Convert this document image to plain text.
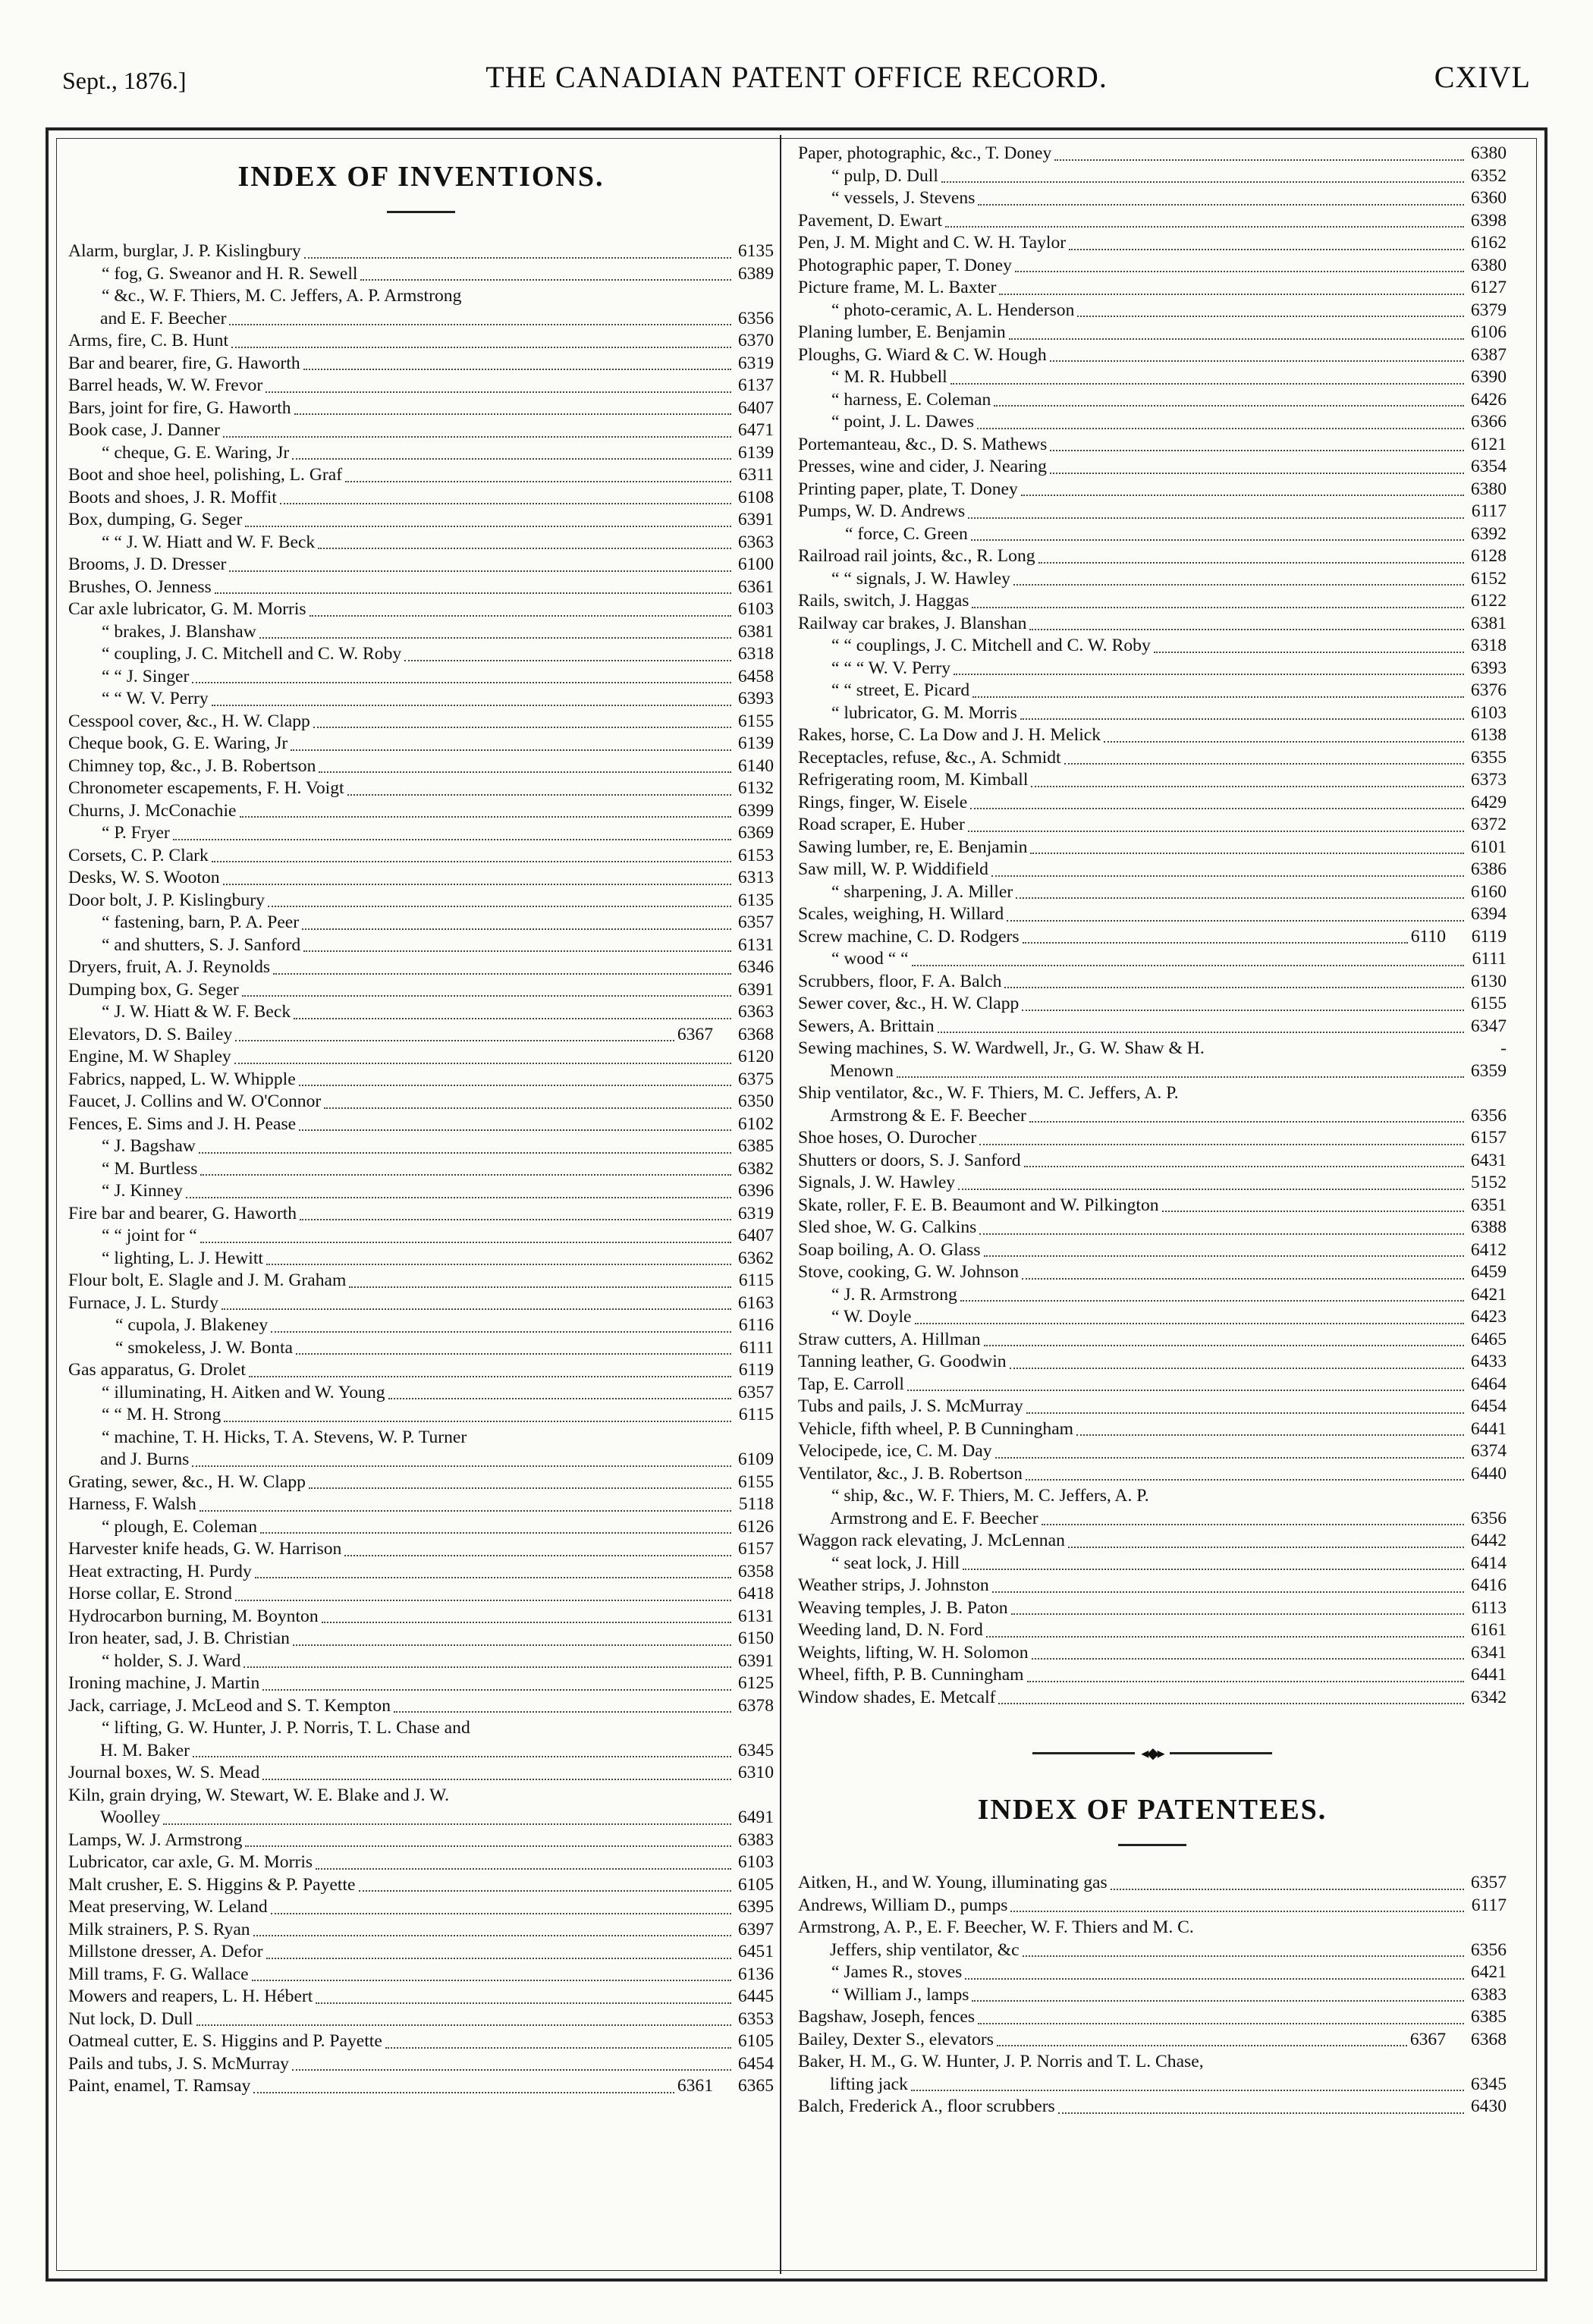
Sept., 1876.]	THE CANADIAN PATENT OFFICE RECORD.	CXIVL
INDEX OF INVENTIONS.
Alarm, burglar, J. P. Kislingbury	6135
“ fog, G. Sweanor and H. R. Sewell	6389
“ &c., W. F. Thiers, M. C. Jeffers, A. P. Armstrong
and E. F. Beecher	6356
Arms, fire, C. B. Hunt	6370
Bar and bearer, fire, G. Haworth	6319
Barrel heads, W. W. Frevor	6137
Bars, joint for fire, G. Haworth	6407
Book case, J. Danner	6471
“ cheque, G. E. Waring, Jr	6139
Boot and shoe heel, polishing, L. Graf	6311
Boots and shoes, J. R. Moffit	6108
Box, dumping, G. Seger	6391
“ “ J. W. Hiatt and W. F. Beck	6363
Brooms, J. D. Dresser	6100
Brushes, O. Jenness	6361
Car axle lubricator, G. M. Morris	6103
“ brakes, J. Blanshaw	6381
“ coupling, J. C. Mitchell and C. W. Roby	6318
“ “ J. Singer	6458
“ “ W. V. Perry	6393
Cesspool cover, &c., H. W. Clapp	6155
Cheque book, G. E. Waring, Jr	6139
Chimney top, &c., J. B. Robertson	6140
Chronometer escapements, F. H. Voigt	6132
Churns, J. McConachie	6399
“ P. Fryer	6369
Corsets, C. P. Clark	6153
Desks, W. S. Wooton	6313
Door bolt, J. P. Kislingbury	6135
“ fastening, barn, P. A. Peer	6357
“ and shutters, S. J. Sanford	6131
Dryers, fruit, A. J. Reynolds	6346
Dumping box, G. Seger	6391
“ J. W. Hiatt & W. F. Beck	6363
Elevators, D. S. Bailey	6367 6368
Engine, M. W Shapley	6120
Fabrics, napped, L. W. Whipple	6375
Faucet, J. Collins and W. O'Connor	6350
Fences, E. Sims and J. H. Pease	6102
“ J. Bagshaw	6385
“ M. Burtless	6382
“ J. Kinney	6396
Fire bar and bearer, G. Haworth	6319
“ “ joint for “	6407
“ lighting, L. J. Hewitt	6362
Flour bolt, E. Slagle and J. M. Graham	6115
Furnace, J. L. Sturdy	6163
“ cupola, J. Blakeney	6116
“ smokeless, J. W. Bonta	6111
Gas apparatus, G. Drolet	6119
“ illuminating, H. Aitken and W. Young	6357
“ “ M. H. Strong	6115
“ machine, T. H. Hicks, T. A. Stevens, W. P. Turner
and J. Burns	6109
Grating, sewer, &c., H. W. Clapp	6155
Harness, F. Walsh	5118
“ plough, E. Coleman	6126
Harvester knife heads, G. W. Harrison	6157
Heat extracting, H. Purdy	6358
Horse collar, E. Strond	6418
Hydrocarbon burning, M. Boynton	6131
Iron heater, sad, J. B. Christian	6150
“ holder, S. J. Ward	6391
Ironing machine, J. Martin	6125
Jack, carriage, J. McLeod and S. T. Kempton	6378
“ lifting, G. W. Hunter, J. P. Norris, T. L. Chase and
H. M. Baker	6345
Journal boxes, W. S. Mead	6310
Kiln, grain drying, W. Stewart, W. E. Blake and J. W.
Woolley	6491
Lamps, W. J. Armstrong	6383
Lubricator, car axle, G. M. Morris	6103
Malt crusher, E. S. Higgins & P. Payette	6105
Meat preserving, W. Leland	6395
Milk strainers, P. S. Ryan	6397
Millstone dresser, A. Defor	6451
Mill trams, F. G. Wallace	6136
Mowers and reapers, L. H. Hébert	6445
Nut lock, D. Dull	6353
Oatmeal cutter, E. S. Higgins and P. Payette	6105
Pails and tubs, J. S. McMurray	6454
Paint, enamel, T. Ramsay	6361 6365
Paper, photographic, &c., T. Doney	6380
“ pulp, D. Dull	6352
“ vessels, J. Stevens	6360
Pavement, D. Ewart	6398
Pen, J. M. Might and C. W. H. Taylor	6162
Photographic paper, T. Doney	6380
Picture frame, M. L. Baxter	6127
“ photo-ceramic, A. L. Henderson	6379
Planing lumber, E. Benjamin	6106
Ploughs, G. Wiard & C. W. Hough	6387
“ M. R. Hubbell	6390
“ harness, E. Coleman	6426
“ point, J. L. Dawes	6366
Portemanteau, &c., D. S. Mathews	6121
Presses, wine and cider, J. Nearing	6354
Printing paper, plate, T. Doney	6380
Pumps, W. D. Andrews	6117
“ force, C. Green	6392
Railroad rail joints, &c., R. Long	6128
“ “ signals, J. W. Hawley	6152
Rails, switch, J. Haggas	6122
Railway car brakes, J. Blanshan	6381
“ “ couplings, J. C. Mitchell and C. W. Roby	6318
“ “ “ W. V. Perry	6393
“ “ street, E. Picard	6376
“ lubricator, G. M. Morris	6103
Rakes, horse, C. La Dow and J. H. Melick	6138
Receptacles, refuse, &c., A. Schmidt	6355
Refrigerating room, M. Kimball	6373
Rings, finger, W. Eisele	6429
Road scraper, E. Huber	6372
Sawing lumber, re, E. Benjamin	6101
Saw mill, W. P. Widdifield	6386
“ sharpening, J. A. Miller	6160
Scales, weighing, H. Willard	6394
Screw machine, C. D. Rodgers	6110 6119
“ wood “ “	6111
Scrubbers, floor, F. A. Balch	6130
Sewer cover, &c., H. W. Clapp	6155
Sewers, A. Brittain	6347
Sewing machines, S. W. Wardwell, Jr., G. W. Shaw & H.	-
Menown	6359
Ship ventilator, &c., W. F. Thiers, M. C. Jeffers, A. P.
Armstrong & E. F. Beecher	6356
Shoe hoses, O. Durocher	6157
Shutters or doors, S. J. Sanford	6431
Signals, J. W. Hawley	5152
Skate, roller, F. E. B. Beaumont and W. Pilkington	6351
Sled shoe, W. G. Calkins	6388
Soap boiling, A. O. Glass	6412
Stove, cooking, G. W. Johnson	6459
“ J. R. Armstrong	6421
“ W. Doyle	6423
Straw cutters, A. Hillman	6465
Tanning leather, G. Goodwin	6433
Tap, E. Carroll	6464
Tubs and pails, J. S. McMurray	6454
Vehicle, fifth wheel, P. B Cunningham	6441
Velocipede, ice, C. M. Day	6374
Ventilator, &c., J. B. Robertson	6440
“ ship, &c., W. F. Thiers, M. C. Jeffers, A. P.
Armstrong and E. F. Beecher	6356
Waggon rack elevating, J. McLennan	6442
“ seat lock, J. Hill	6414
Weather strips, J. Johnston	6416
Weaving temples, J. B. Paton	6113
Weeding land, D. N. Ford	6161
Weights, lifting, W. H. Solomon	6341
Wheel, fifth, P. B. Cunningham	6441
Window shades, E. Metcalf	6342
◂◆▸
INDEX OF PATENTEES.
Aitken, H., and W. Young, illuminating gas	6357
Andrews, William D., pumps	6117
Armstrong, A. P., E. F. Beecher, W. F. Thiers and M. C.
Jeffers, ship ventilator, &c	6356
“ James R., stoves	6421
“ William J., lamps	6383
Bagshaw, Joseph, fences	6385
Bailey, Dexter S., elevators	6367 6368
Baker, H. M., G. W. Hunter, J. P. Norris and T. L. Chase,
lifting jack	6345
Balch, Frederick A., floor scrubbers	6430
